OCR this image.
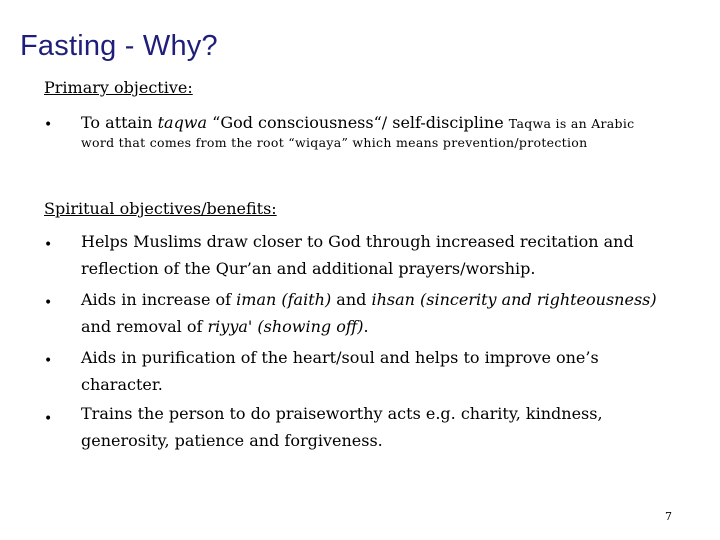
Fasting - Why?
Primary objective:
• To attain taqwa “God consciousness“/ self-discipline Taqwa is an Arabic
word that comes from the root “wiqaya” which means prevention/protection
Spiritual objectives/benefits:
• Helps Muslims draw closer to God through increased recitation and
reflection of the Qur’an and additional prayers/worship.
• Aids in increase of iman (faith) and ihsan (sincerity and righteousness)
and removal of riyya' (showing off).
• Aids in purification of the heart/soul and helps to improve one’s
character.
• Trains the person to do praiseworthy acts e.g. charity, kindness,
generosity, patience and forgiveness.
7
